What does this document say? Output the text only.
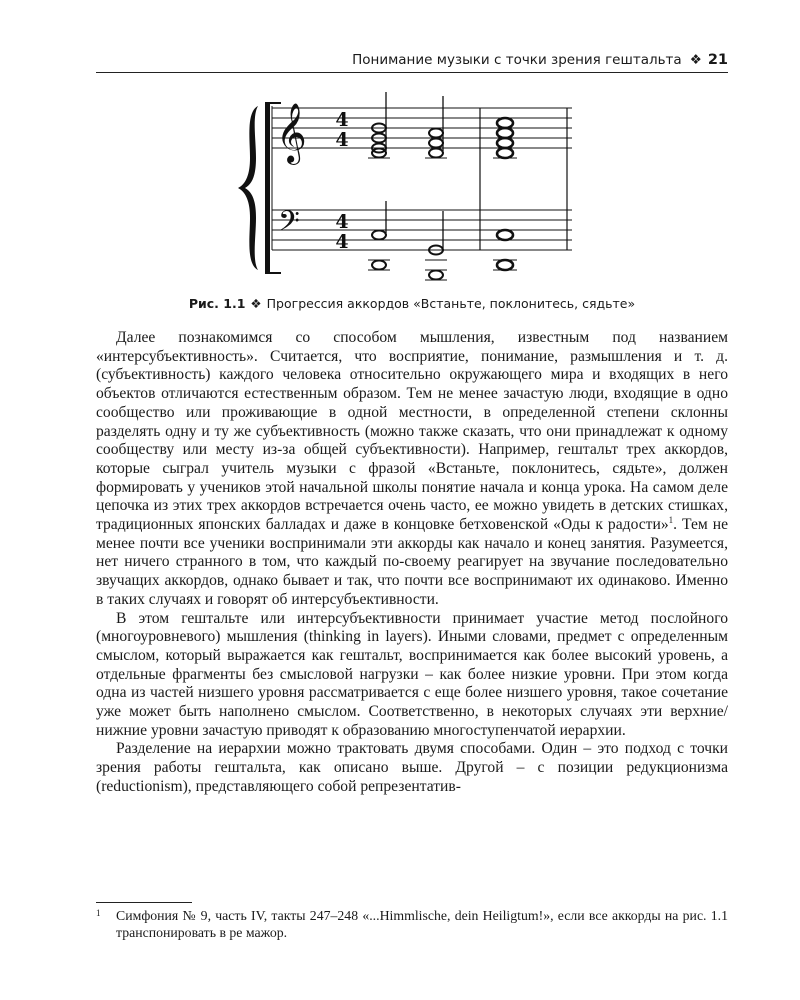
Понимание музыки с точки зрения гештальта ❖ 21
𝄞
𝄢
4
4
4
4
Рис. 1.1 ❖ Прогрессия аккордов «Встаньте, поклонитесь, сядьте»

Далее познакомимся со способом мышления, известным под названием «интерсубъективность». Считается, что восприятие, понимание, размышления и т. д. (субъективность) каждого человека относительно окружающего мира и входящих в него объектов отличаются естественным образом. Тем не менее зачастую люди, входящие в одно сообщество или проживающие в одной местности, в определенной степени склонны разделять одну и ту же субъективность (можно также сказать, что они принадлежат к одному сообществу или месту из-за общей субъективности). Например, гештальт трех аккордов, которые сыграл учитель музыки с фразой «Встаньте, поклонитесь, сядьте», должен формировать у учеников этой начальной школы понятие начала и конца урока. На самом деле цепочка из этих трех аккордов встречается очень часто, ее можно увидеть в детских стишках, традиционных японских балладах и даже в концовке бетховенской «Оды к радости»$^1$. Тем не менее почти все ученики воспринимали эти аккорды как начало и конец занятия. Разумеется, нет ничего странного в том, что каждый по-своему реагирует на звучание последовательно звучащих аккордов, однако бывает и так, что почти все воспринимают их одинаково. Именно в таких случаях и говорят об интерсубъективности.

В этом гештальте или интерсубъективности принимает участие метод послойного (многоуровневого) мышления (thinking in layers). Иными словами, предмет с определенным смыслом, который выражается как гештальт, воспринимается как более высокий уровень, а отдельные фрагменты без смысловой нагрузки – как более низкие уровни. При этом когда одна из частей низшего уровня рассматривается с еще более низшего уровня, такое сочетание уже может быть наполнено смыслом. Соответственно, в некоторых случаях эти верхние/нижние уровни зачастую приводят к образованию многоступенчатой иерархии.

Разделение на иерархии можно трактовать двумя способами. Один – это подход с точки зрения работы гештальта, как описано выше. Другой – с позиции редукционизма (reductionism), представляющего собой репрезентатив-

1	Симфония № 9, часть IV, такты 247–248 «...Himmlische, dein Heiligtum!», если все аккорды на рис. 1.1 транспонировать в ре мажор.
